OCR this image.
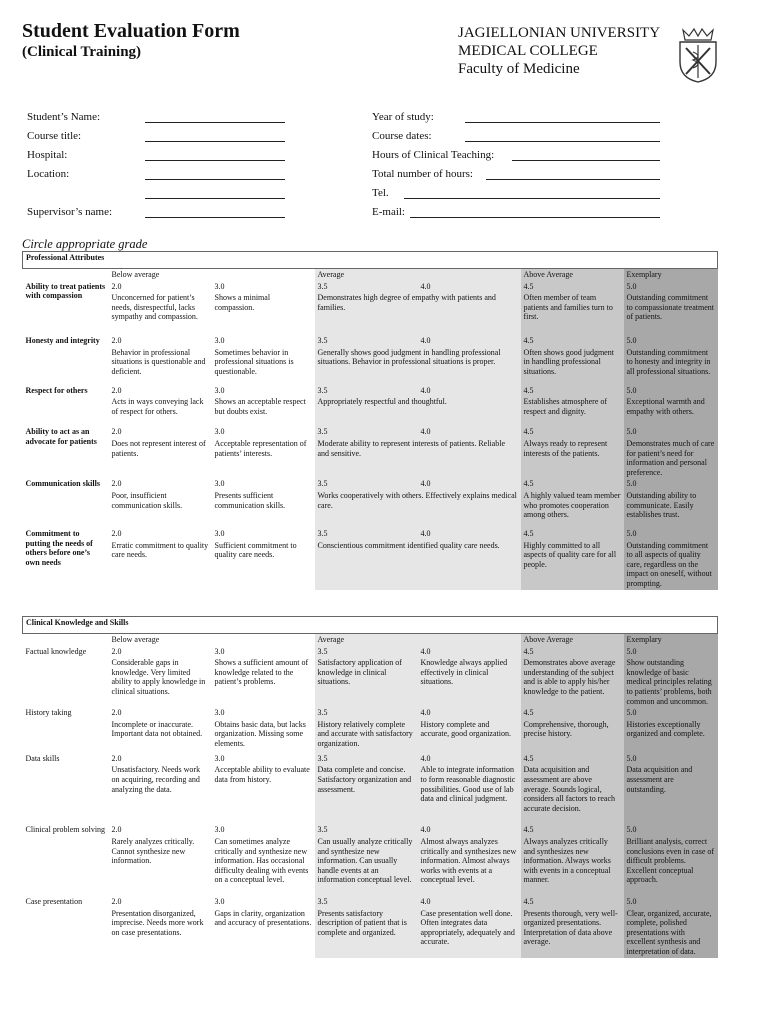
Student Evaluation Form
(Clinical Training)
JAGIELLONIAN UNIVERSITY
MEDICAL COLLEGE
Faculty of Medicine
Student’s Name:
Course title:
Hospital:
Location:
Supervisor’s name:
Year of study:
Course dates:
Hours of Clinical Teaching:
Total number of hours:
Tel.
E-mail:
Circle appropriate grade
Professional Attributes						
	Below average		Average		Above Average	Exemplary
Ability to treat patients with compassion	2.0	3.0	3.5	4.0	4.5	5.0
	Unconcerned for patient’s needs, disrespectful, lacks sympathy and compassion.	Shows a minimal compassion.	Demonstrates high degree of empathy with patients and families.		Often member of team patients and families turn to first.	Outstanding commitment to compassionate treatment of patients.
Honesty and integrity	2.0	3.0	3.5	4.0	4.5	5.0
	Behavior in professional situations is questionable and deficient.	Sometimes behavior in professional situations is questionable.	Generally shows good judgment in handling professional situations. Behavior in professional situations is proper.		Often shows good judgment in handling professional situations.	Outstanding commitment to honesty and integrity in all professional situations.
Respect for others	2.0	3.0	3.5	4.0	4.5	5.0
	Acts in ways conveying lack of respect for others.	Shows an acceptable respect but doubts exist.	Appropriately respectful and thoughtful.		Establishes atmosphere of respect and dignity.	Exceptional warmth and empathy with others.
Ability to act as an advocate for patients	2.0	3.0	3.5	4.0	4.5	5.0
	Does not represent interest of patients.	Acceptable representation of patients’ interests.	Moderate ability to represent interests of patients. Reliable and sensitive.		Always ready to represent interests of the patients.	Demonstrates much of care for patient’s need for information and personal preference.
Communication skills	2.0	3.0	3.5	4.0	4.5	5.0
	Poor, insufficient communication skills.	Presents sufficient communication skills.	Works cooperatively with others. Effectively explains medical care.		A highly valued team member who promotes cooperation among others.	Outstanding ability to communicate. Easily establishes trust.
Commitment to putting the needs of others before one’s own needs	2.0	3.0	3.5	4.0	4.5	5.0
	Erratic commitment to quality care needs.	Sufficient commitment to quality care needs.	Conscientious commitment identified quality care needs.		Highly committed to all aspects of quality care for all people.	Outstanding commitment to all aspects of quality care, regardless on the impact on oneself, without prompting.
Clinical Knowledge and Skills						
	Below average		Average		Above Average	Exemplary
Factual knowledge	2.0	3.0	3.5	4.0	4.5	5.0
	Considerable gaps in knowledge. Very limited ability to apply knowledge in clinical situations.	Shows a sufficient amount of knowledge related to the patient’s problems.	Satisfactory application of knowledge in clinical situations.	Knowledge always applied effectively in clinical situations.	Demonstrates above average understanding of the subject and is able to apply his/her knowledge to the patient.	Show outstanding knowledge of basic medical principles relating to patients’ problems, both common and uncommon.
History taking	2.0	3.0	3.5	4.0	4.5	5.0
	Incomplete or inaccurate. Important data not obtained.	Obtains basic data, but lacks organization. Missing some elements.	History relatively complete and accurate with satisfactory organization.	History complete and accurate, good organization.	Comprehensive, thorough, precise history.	Histories exceptionally organized and complete.
Data skills	2.0	3.0	3.5	4.0	4.5	5.0
	Unsatisfactory. Needs work on acquiring, recording and analyzing the data.	Acceptable ability to evaluate data from history.	Data complete and concise. Satisfactory organization and assessment.	Able to integrate information to form reasonable diagnostic possibilities. Good use of lab data and clinical judgment.	Data acquisition and assessment are above average. Sounds logical, considers all factors to reach accurate decision.	Data acquisition and assessment are outstanding.
Clinical problem solving	2.0	3.0	3.5	4.0	4.5	5.0
	Rarely analyzes critically. Cannot synthesize new information.	Can sometimes analyze critically and synthesize new information. Has occasional difficulty dealing with events on a conceptual level.	Can usually analyze critically and synthesize new information. Can usually handle events at an information conceptual level.	Almost always analyzes critically and synthesizes new information. Almost always works with events at a conceptual level.	Always analyzes critically and synthesizes new information. Always works with events in a conceptual manner.	Brilliant analysis, correct conclusions even in case of difficult problems. Excellent conceptual approach.
Case presentation	2.0	3.0	3.5	4.0	4.5	5.0
	Presentation disorganized, imprecise. Needs more work on case presentations.	Gaps in clarity, organization and accuracy of presentations.	Presents satisfactory description of patient that is complete and organized.	Case presentation well done. Often integrates data appropriately, adequately and accurate.	Presents thorough, very well-organized presentations. Interpretation of data above average.	Clear, organized, accurate, complete, polished presentations with excellent synthesis and interpretation of data.
